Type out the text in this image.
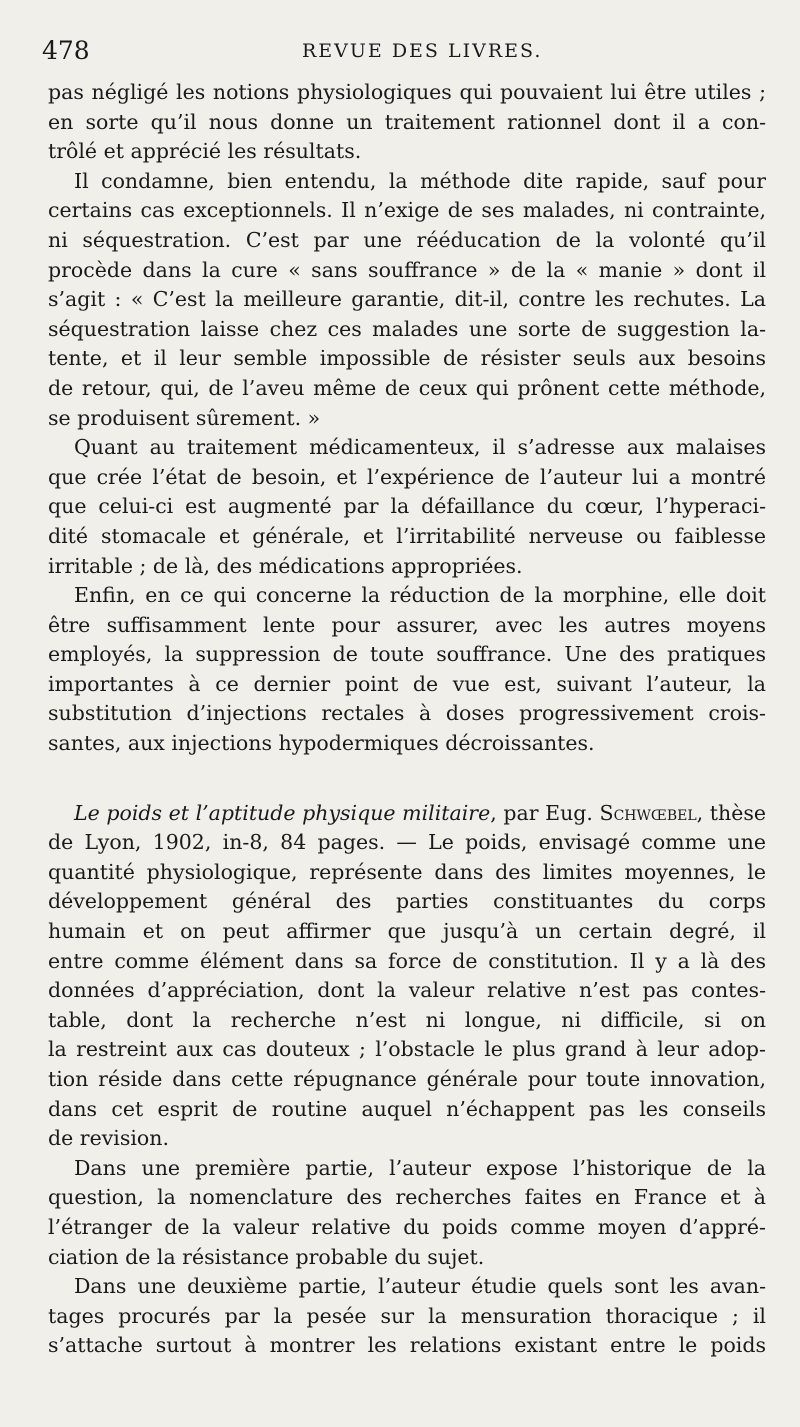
478	REVUE DES LIVRES.
pas négligé les notions physiologiques qui pouvaient lui être utiles ;
en sorte qu’il nous donne un traitement rationnel dont il a con-
trôlé et apprécié les résultats.
Il condamne, bien entendu, la méthode dite rapide, sauf pour
certains cas exceptionnels. Il n’exige de ses malades, ni contrainte,
ni séquestration. C’est par une rééducation de la volonté qu’il
procède dans la cure « sans souffrance » de la « manie » dont il
s’agit : « C’est la meilleure garantie, dit-il, contre les rechutes. La
séquestration laisse chez ces malades une sorte de suggestion la-
tente, et il leur semble impossible de résister seuls aux besoins
de retour, qui, de l’aveu même de ceux qui prônent cette méthode,
se produisent sûrement. »
Quant au traitement médicamenteux, il s’adresse aux malaises
que crée l’état de besoin, et l’expérience de l’auteur lui a montré
que celui-ci est augmenté par la défaillance du cœur, l’hyperaci-
dité stomacale et générale, et l’irritabilité nerveuse ou faiblesse
irritable ; de là, des médications appropriées.
Enfin, en ce qui concerne la réduction de la morphine, elle doit
être suffisamment lente pour assurer, avec les autres moyens
employés, la suppression de toute souffrance. Une des pratiques
importantes à ce dernier point de vue est, suivant l’auteur, la
substitution d’injections rectales à doses progressivement crois-
santes, aux injections hypodermiques décroissantes.
Le poids et l’aptitude physique militaire, par Eug. Schwœbel, thèse
de Lyon, 1902, in-8, 84 pages. — Le poids, envisagé comme une
quantité physiologique, représente dans des limites moyennes, le
développement général des parties constituantes du corps
humain et on peut affirmer que jusqu’à un certain degré, il
entre comme élément dans sa force de constitution. Il y a là des
données d’appréciation, dont la valeur relative n’est pas contes-
table, dont la recherche n’est ni longue, ni difficile, si on
la restreint aux cas douteux ; l’obstacle le plus grand à leur adop-
tion réside dans cette répugnance générale pour toute innovation,
dans cet esprit de routine auquel n’échappent pas les conseils
de revision.
Dans une première partie, l’auteur expose l’historique de la
question, la nomenclature des recherches faites en France et à
l’étranger de la valeur relative du poids comme moyen d’appré-
ciation de la résistance probable du sujet.
Dans une deuxième partie, l’auteur étudie quels sont les avan-
tages procurés par la pesée sur la mensuration thoracique ; il
s’attache surtout à montrer les relations existant entre le poids
